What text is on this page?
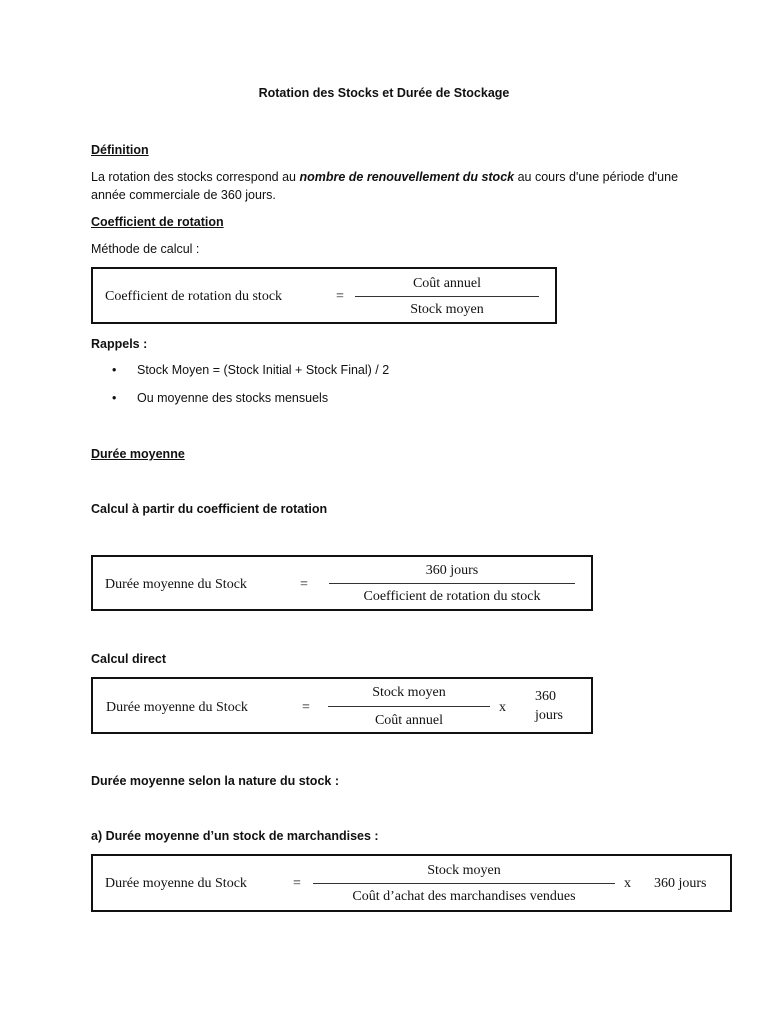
Rotation des Stocks et Durée de Stockage
Définition
La rotation des stocks correspond au nombre de renouvellement du stock au cours d'une période d'une année commerciale de 360 jours.
Coefficient de rotation
Méthode de calcul :
Coefficient de rotation du stock	=
Coût annuel
Stock moyen
Rappels :
• Stock Moyen = (Stock Initial + Stock Final) / 2
• Ou moyenne des stocks mensuels
Durée moyenne
Calcul à partir du coefficient de rotation
Durée moyenne du Stock	=
360 jours
Coefficient de rotation du stock
Calcul direct
Durée moyenne du Stock	=
Stock moyen
Coût annuel
x
360
jours
Durée moyenne selon la nature du stock :
a) Durée moyenne d’un stock de marchandises :
Durée moyenne du Stock	=
Stock moyen
Coût d’achat des marchandises vendues
x 360 jours
